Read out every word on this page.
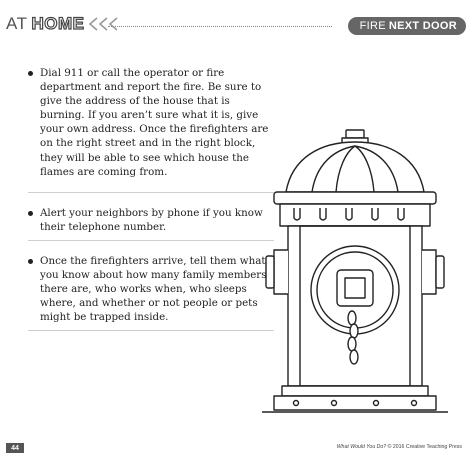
AT HOME	FIRE NEXT DOOR
Dial 911 or call the operator or fire department and report the fire. Be sure to give the address of the house that is burning. If you aren’t sure what it is, give your own address. Once the firefighters are on the right street and in the right block, they will be able to see which house the flames are coming from.
Alert your neighbors by phone if you know their telephone number.
Once the firefighters arrive, tell them what you know about how many family members there are, who works when, who sleeps where, and whether or not people or pets might be trapped inside.
44	What Would You Do? © 2016 Creative Teaching Press
